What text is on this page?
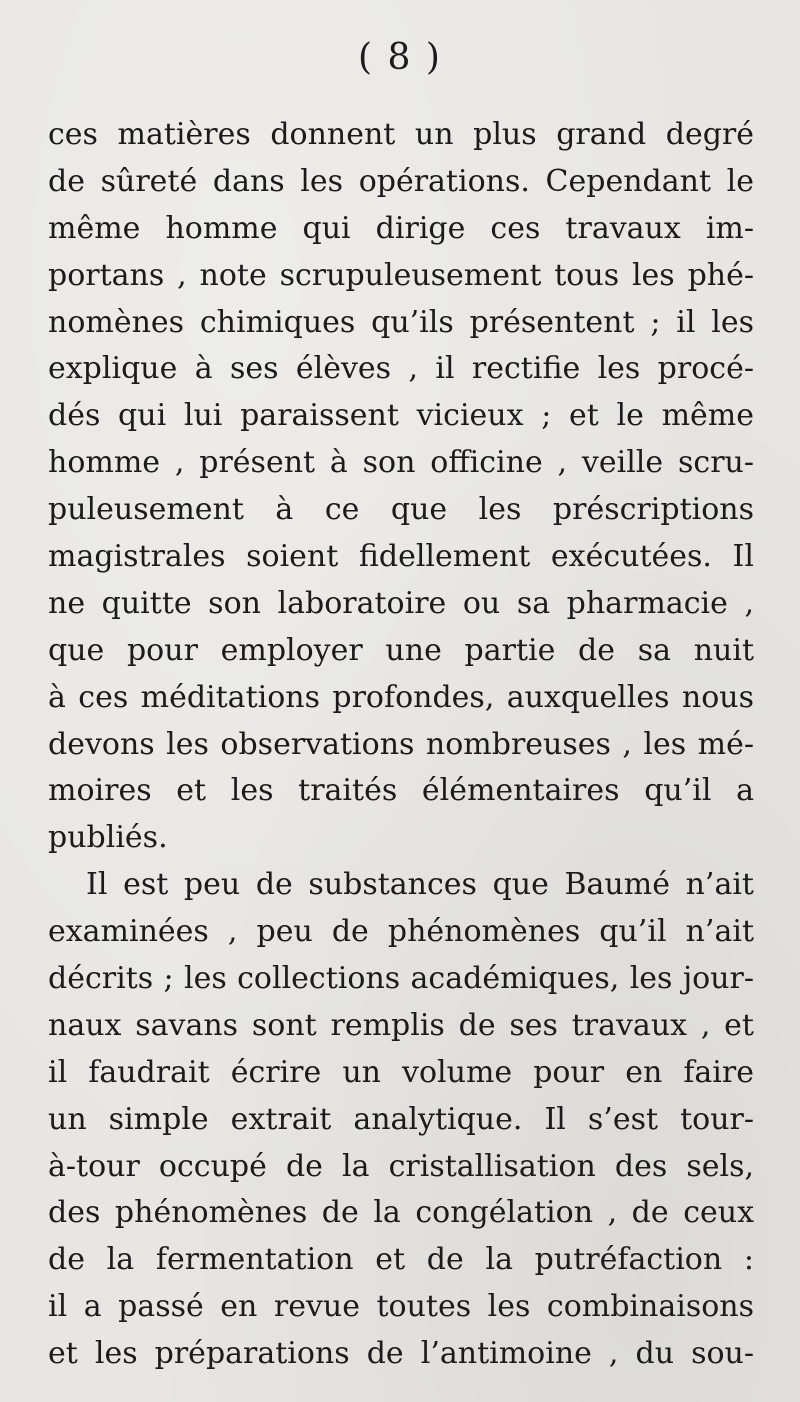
( 8 )
ces matières donnent un plus grand degré
de sûreté dans les opérations. Cependant le
même homme qui dirige ces travaux im-
portans , note scrupuleusement tous les phé-
nomènes chimiques qu’ils présentent ; il les
explique à ses élèves , il rectifie les procé-
dés qui lui paraissent vicieux ; et le même
homme , présent à son officine , veille scru-
puleusement à ce que les préscriptions
magistrales soient fidellement exécutées. Il
ne quitte son laboratoire ou sa pharmacie ,
que pour employer une partie de sa nuit
à ces méditations profondes, auxquelles nous
devons les observations nombreuses , les mé-
moires et les traités élémentaires qu’il a
publiés.
Il est peu de substances que Baumé n’ait
examinées , peu de phénomènes qu’il n’ait
décrits ; les collections académiques, les jour-
naux savans sont remplis de ses travaux , et
il faudrait écrire un volume pour en faire
un simple extrait analytique. Il s’est tour-
à-tour occupé de la cristallisation des sels,
des phénomènes de la congélation , de ceux
de la fermentation et de la putréfaction :
il a passé en revue toutes les combinaisons
et les préparations de l’antimoine , du sou-
